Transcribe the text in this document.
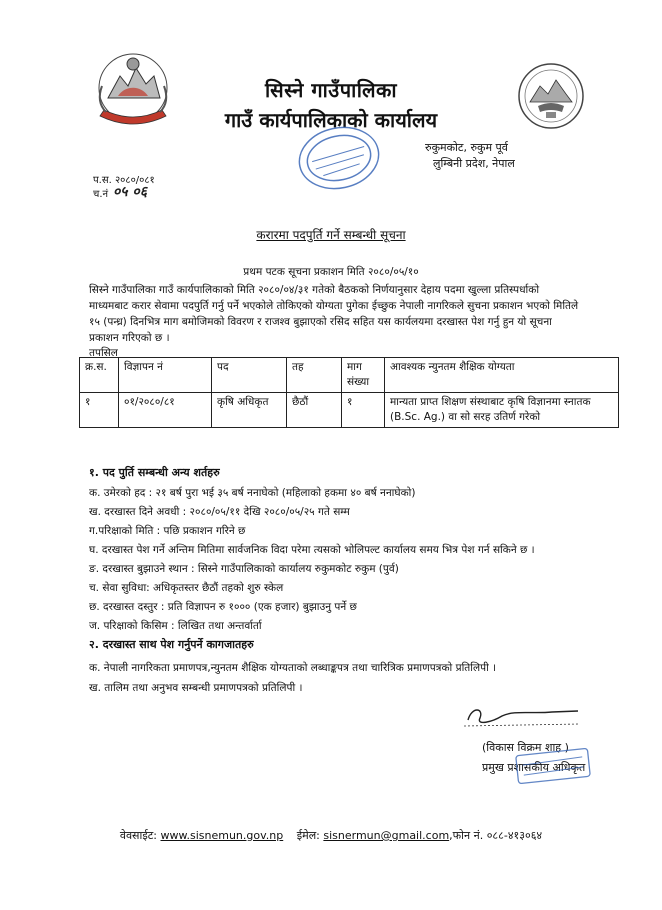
सिस्ने गाउँपालिका
गाउँ कार्यपालिकाको कार्यालय
रुकुमकोट, रुकुम पूर्व
लुम्बिनी प्रदेश, नेपाल
प.स. २०८०/०८१
च.नं ०५ ०६
करारमा पदपुर्ति गर्ने सम्बन्धी सूचना
प्रथम पटक सूचना प्रकाशन मिति २०८०/०५/१०
सिस्ने गाउँपालिका गाउँ कार्यपालिकाको मिति २०८०/०४/३१ गतेको बैठकको निर्णयानुसार देहाय पदमा खुल्ला प्रतिस्पर्धाको
माध्यमबाट करार सेवामा पदपुर्ति गर्नु पर्ने भएकोले तोकिएको योग्यता पुगेका ईच्छुक नेपाली नागरिकले सुचना प्रकाशन भएको मितिले
१५ (पन्ध्र) दिनभित्र माग बमोजिमको विवरण र राजश्व बुझाएको रसिद सहित यस कार्यलयमा दरखास्त पेश गर्नु हुन यो सूचना
प्रकाशन गरिएको छ ।
तपसिल
क्र.स.	विज्ञापन नं	पद	तह	माग संख्या	आवश्यक न्युनतम शैक्षिक योग्यता
१	०१/२०८०/८१	कृषि अधिकृत	छैठौं	१	मान्यता प्राप्त शिक्षण संस्थाबाट कृषि विज्ञानमा स्नातक (B.Sc. Ag.) वा सो सरह उतिर्ण गरेको
१. पद पुर्ति सम्बन्धी अन्य शर्तहरु
क. उमेरको हद : २१ बर्ष पुरा भई ३५ बर्ष ननाघेको (महिलाको हकमा ४० बर्ष ननाघेको)
ख. दरखास्त दिने अवधी : २०८०/०५/११ देखि २०८०/०५/२५ गते सम्म
ग.परिक्षाको मिति : पछि प्रकाशन गरिने छ
घ. दरखास्त पेश गर्ने अन्तिम मितिमा सार्वजनिक विदा परेमा त्यसको भोलिपल्ट कार्यालय समय भित्र पेश गर्न सकिने छ ।
ङ. दरखास्त बुझाउने स्थान : सिस्ने गाउँपालिकाको कार्यालय रुकुमकोट रुकुम (पुर्व)
च. सेवा सुविधा: अधिकृतस्तर छैठौं तहको शुरु स्केल
छ. दरखास्त दस्तुर : प्रति विज्ञापन रु १००० (एक हजार) बुझाउनु पर्ने छ
ज. परिक्षाको किसिम : लिखित तथा अन्तर्वार्ता
२. दरखास्त साथ पेश गर्नुपर्ने कागजातहरु
क. नेपाली नागरिकता प्रमाणपत्र,न्युनतम शैक्षिक योग्यताको लब्धाङ्कपत्र तथा चारित्रिक प्रमाणपत्रको प्रतिलिपी ।
ख. तालिम तथा अनुभव सम्बन्धी प्रमाणपत्रको प्रतिलिपी ।
(विकास विक्रम शाह )
प्रमुख प्रशासकीय अधिकृत
वेवसाईट: www.sisnemun.gov.np ईमेल: sisnermun@gmail.com,फोन नं. ०८८-४१३०६४
